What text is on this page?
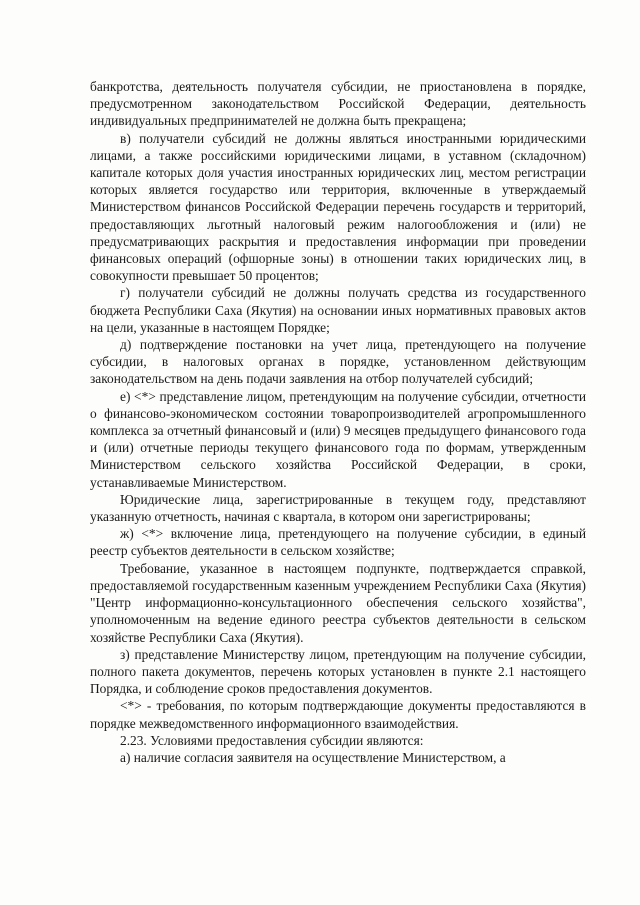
банкротства, деятельность получателя субсидии, не приостановлена в порядке, предусмотренном законодательством Российской Федерации, деятельность индивидуальных предпринимателей не должна быть прекращена;

в) получатели субсидий не должны являться иностранными юридическими лицами, а также российскими юридическими лицами, в уставном (складочном) капитале которых доля участия иностранных юридических лиц, местом регистрации которых является государство или территория, включенные в утверждаемый Министерством финансов Российской Федерации перечень государств и территорий, предоставляющих льготный налоговый режим налогообложения и (или) не предусматривающих раскрытия и предоставления информации при проведении финансовых операций (офшорные зоны) в отношении таких юридических лиц, в совокупности превышает 50 процентов;

г) получатели субсидий не должны получать средства из государственного бюджета Республики Саха (Якутия) на основании иных нормативных правовых актов на цели, указанные в настоящем Порядке;

д) подтверждение постановки на учет лица, претендующего на получение субсидии, в налоговых органах в порядке, установленном действующим законодательством на день подачи заявления на отбор получателей субсидий;

е) <*> представление лицом, претендующим на получение субсидии, отчетности о финансово-экономическом состоянии товаропроизводителей агропромышленного комплекса за отчетный финансовый и (или) 9 месяцев предыдущего финансового года и (или) отчетные периоды текущего финансового года по формам, утвержденным Министерством сельского хозяйства Российской Федерации, в сроки, устанавливаемые Министерством.

Юридические лица, зарегистрированные в текущем году, представляют указанную отчетность, начиная с квартала, в котором они зарегистрированы;

ж) <*> включение лица, претендующего на получение субсидии, в единый реестр субъектов деятельности в сельском хозяйстве;

Требование, указанное в настоящем подпункте, подтверждается справкой, предоставляемой государственным казенным учреждением Республики Саха (Якутия) "Центр информационно-консультационного обеспечения сельского хозяйства", уполномоченным на ведение единого реестра субъектов деятельности в сельском хозяйстве Республики Саха (Якутия).

з) представление Министерству лицом, претендующим на получение субсидии, полного пакета документов, перечень которых установлен в пункте 2.1 настоящего Порядка, и соблюдение сроков предоставления документов.

<*> - требования, по которым подтверждающие документы предоставляются в порядке межведомственного информационного взаимодействия.

2.23. Условиями предоставления субсидии являются:

а) наличие согласия заявителя на осуществление Министерством, а
